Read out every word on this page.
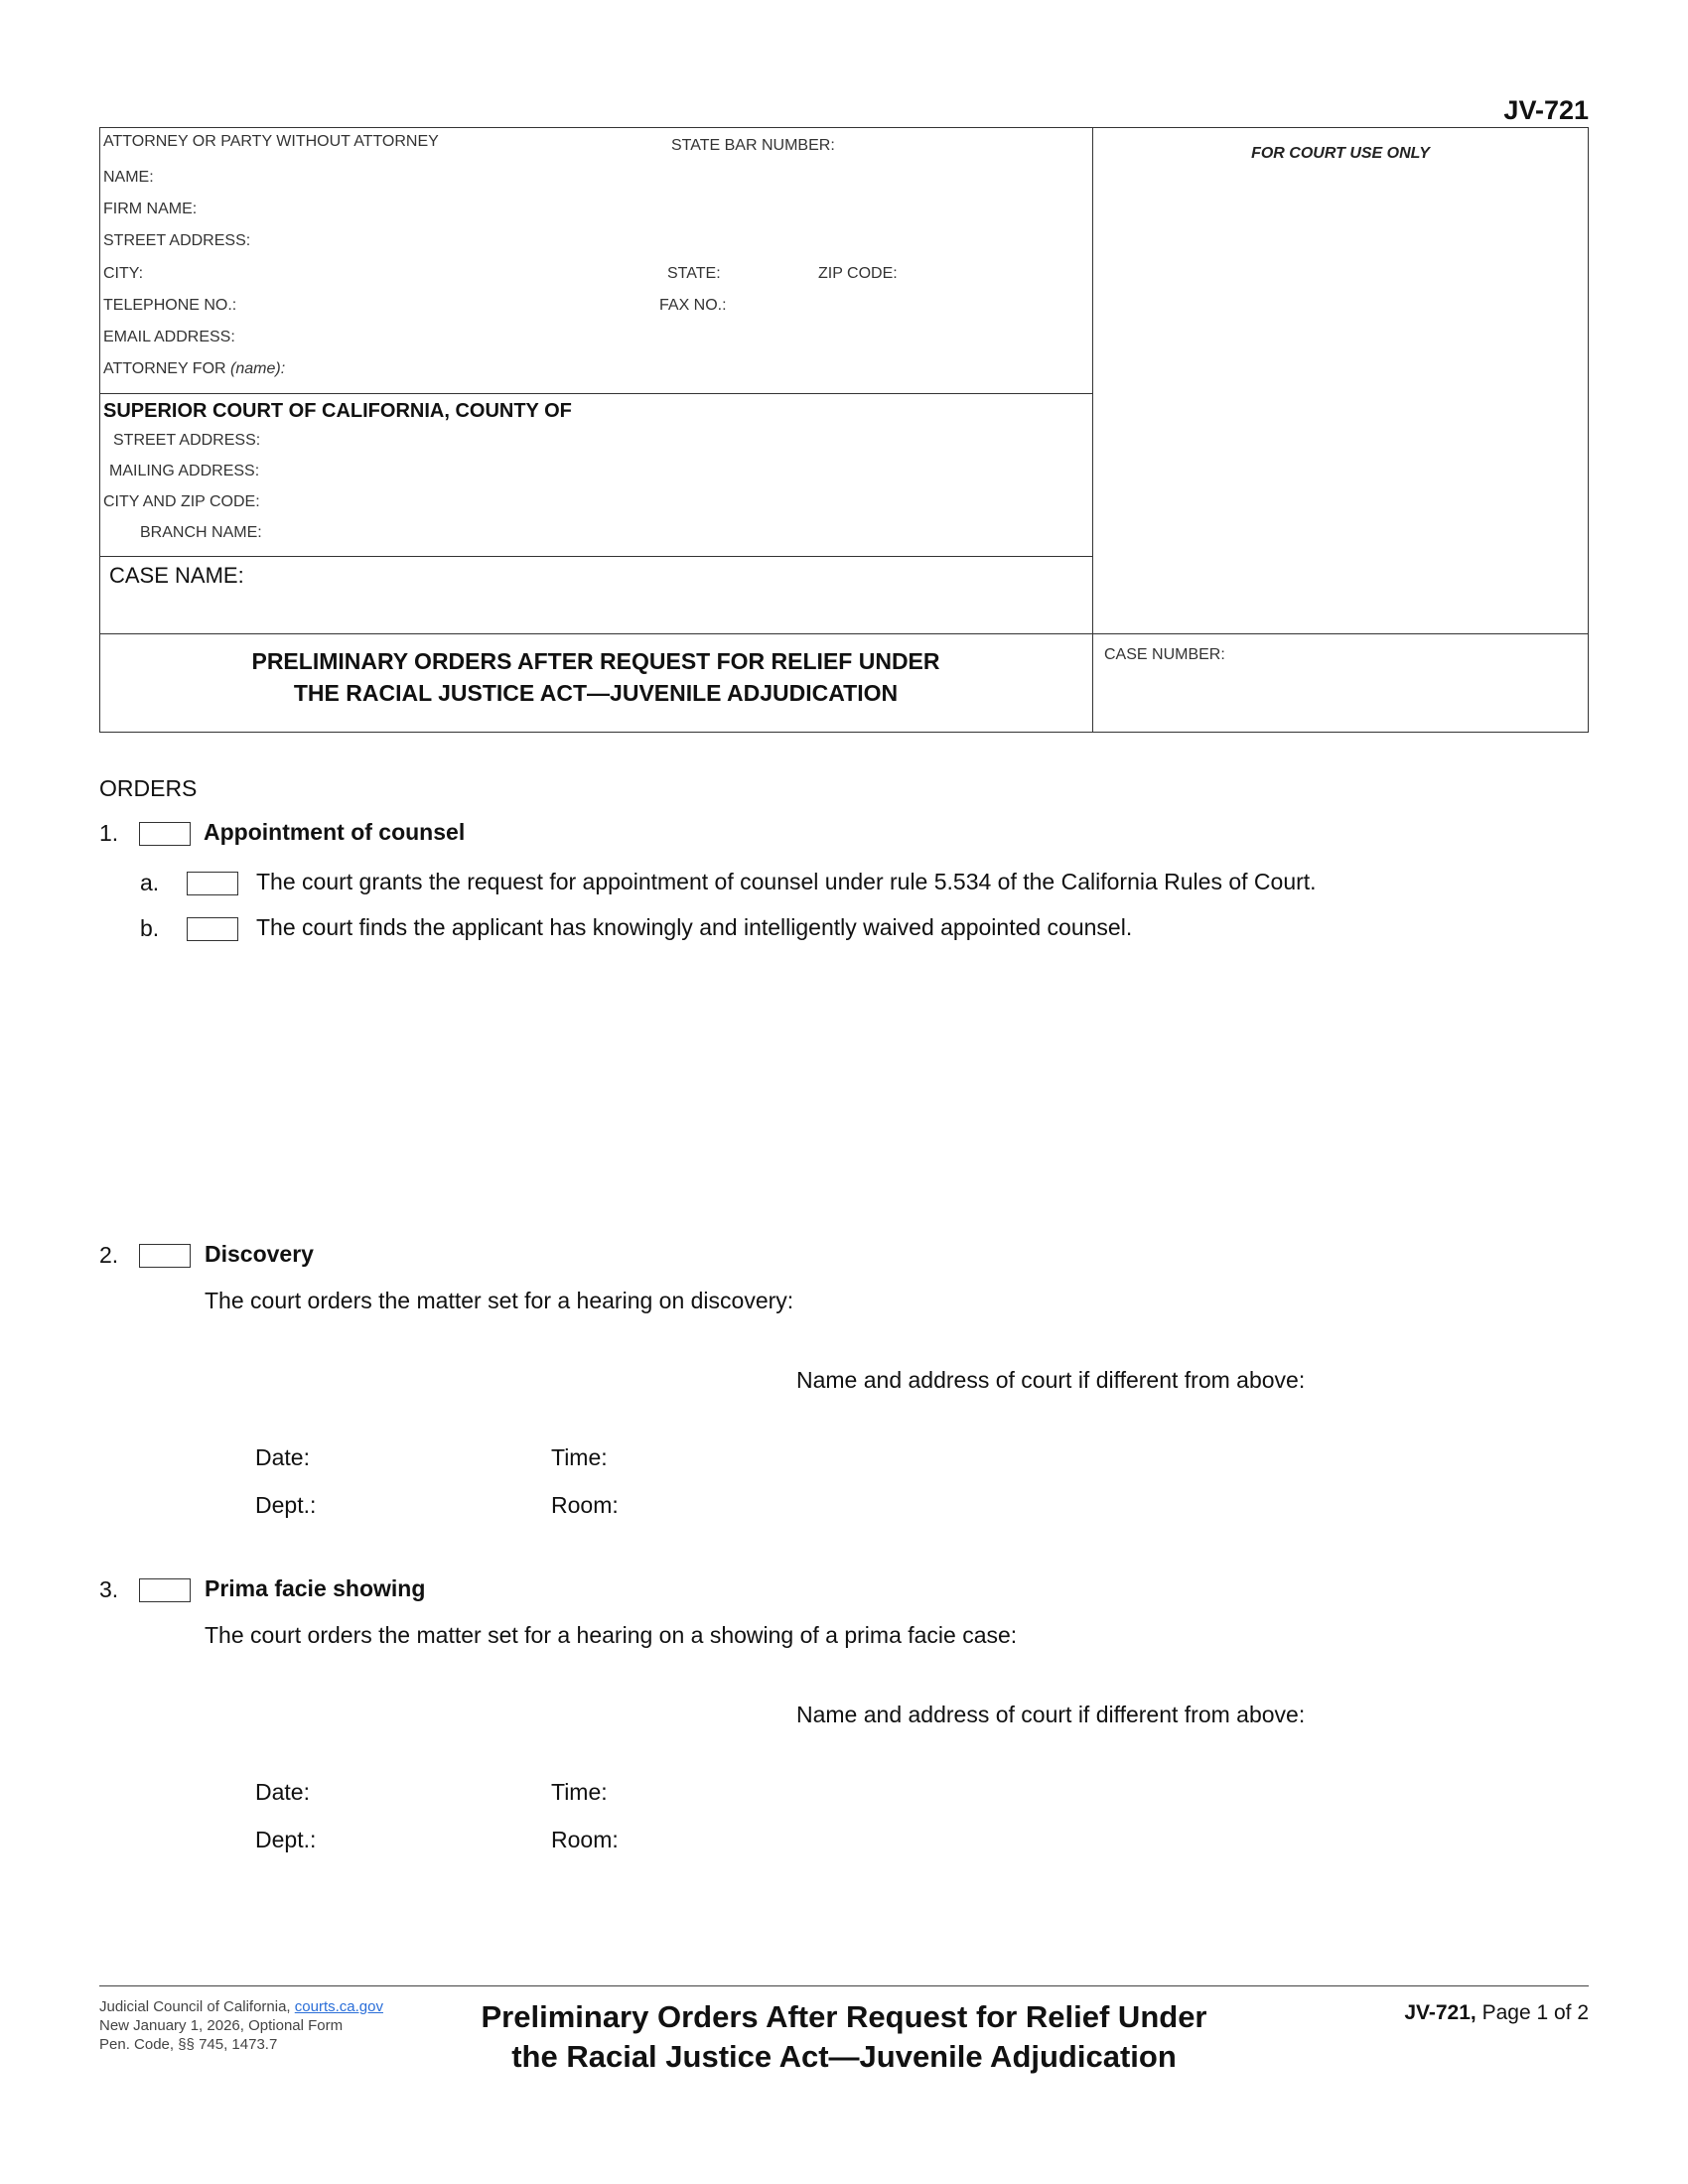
JV-721
ATTORNEY OR PARTY WITHOUT ATTORNEY	STATE BAR NUMBER:
NAME:
FIRM NAME:
STREET ADDRESS:
CITY:	STATE:	ZIP CODE:
TELEPHONE NO.:	FAX NO.:
EMAIL ADDRESS:
ATTORNEY FOR (name):
FOR COURT USE ONLY
SUPERIOR COURT OF CALIFORNIA, COUNTY OF
STREET ADDRESS:
MAILING ADDRESS:
CITY AND ZIP CODE:
BRANCH NAME:
CASE NAME:
PRELIMINARY ORDERS AFTER REQUEST FOR RELIEF UNDER
THE RACIAL JUSTICE ACT—JUVENILE ADJUDICATION
CASE NUMBER:
ORDERS
1.	Appointment of counsel
a.	The court grants the request for appointment of counsel under rule 5.534 of the California Rules of Court.
b.	The court finds the applicant has knowingly and intelligently waived appointed counsel.
2.	Discovery
The court orders the matter set for a hearing on discovery:
Name and address of court if different from above:
Date:	Time:
Dept.:	Room:
3.	Prima facie showing
The court orders the matter set for a hearing on a showing of a prima facie case:
Name and address of court if different from above:
Date:	Time:
Dept.:	Room:
Judicial Council of California, courts.ca.gov
New January 1, 2026, Optional Form
Pen. Code, §§ 745, 1473.7
Preliminary Orders After Request for Relief Under
the Racial Justice Act—Juvenile Adjudication
JV-721, Page 1 of 2
